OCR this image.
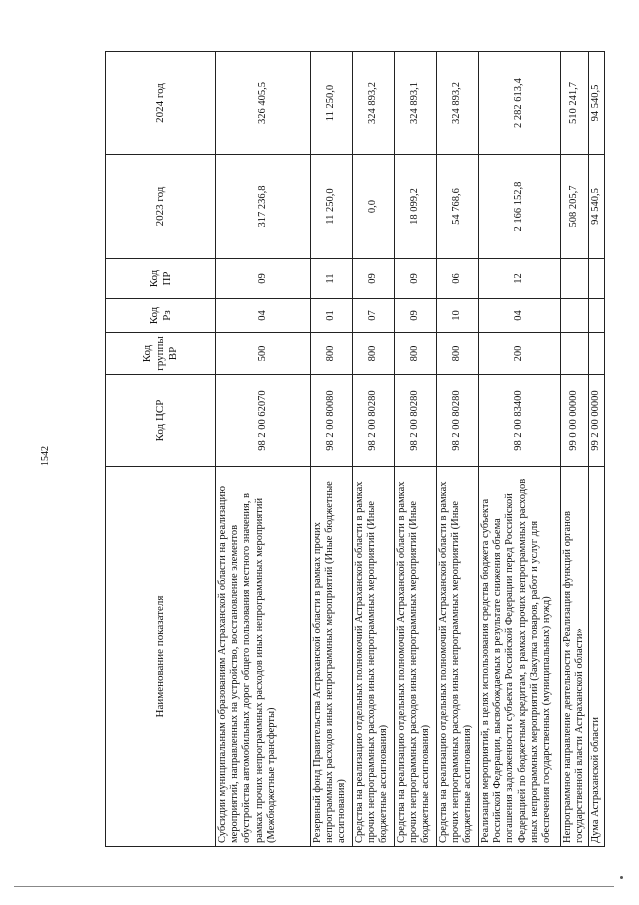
1542
Наименование показателя	Код ЦСР	Код группы ВР	Код Рз	Код ПР	2023 год	2024 год
Субсидии муниципальным образованиям Астраханской области на реализацию мероприятий, направленных на устройство, восстановление элементов обустройства автомобильных дорог общего пользования местного значения, в рамках прочих непрограммных расходов иных непрограммных мероприятий (Межбюджетные трансферты)	98 2 00 62070	500	04	09	317 236,8	326 405,5
Резервный фонд Правительства Астраханской области в рамках прочих непрограммных расходов иных непрограммных мероприятий (Иные бюджетные ассигнования)	98 2 00 80080	800	01	11	11 250,0	11 250,0
Средства на реализацию отдельных полномочий Астраханской области в рамках прочих непрограммных расходов иных непрограммных мероприятий (Иные бюджетные ассигнования)	98 2 00 80280	800	07	09	0,0	324 893,2
Средства на реализацию отдельных полномочий Астраханской области в рамках прочих непрограммных расходов иных непрограммных мероприятий (Иные бюджетные ассигнования)	98 2 00 80280	800	09	09	18 099,2	324 893,1
Средства на реализацию отдельных полномочий Астраханской области в рамках прочих непрограммных расходов иных непрограммных мероприятий (Иные бюджетные ассигнования)	98 2 00 80280	800	10	06	54 768,6	324 893,2
Реализация мероприятий, в целях использования средства бюджета субъекта Российской Федерации, высвобождаемых в результате снижения объема погашения задолженности субъекта Российской Федерации перед Российской Федерацией по бюджетным кредитам, в рамках прочих непрограммных расходов иных непрограммных мероприятий (Закупка товаров, работ и услуг для обеспечения государственных (муниципальных) нужд)	98 2 00 83400	200	04	12	2 166 152,8	2 282 613,4
Непрограммное направление деятельности «Реализация функций органов государственной власти Астраханской области»	99 0 00 00000				508 205,7	510 241,7
Дума Астраханской области	99 2 00 00000				94 540,5	94 540,5
